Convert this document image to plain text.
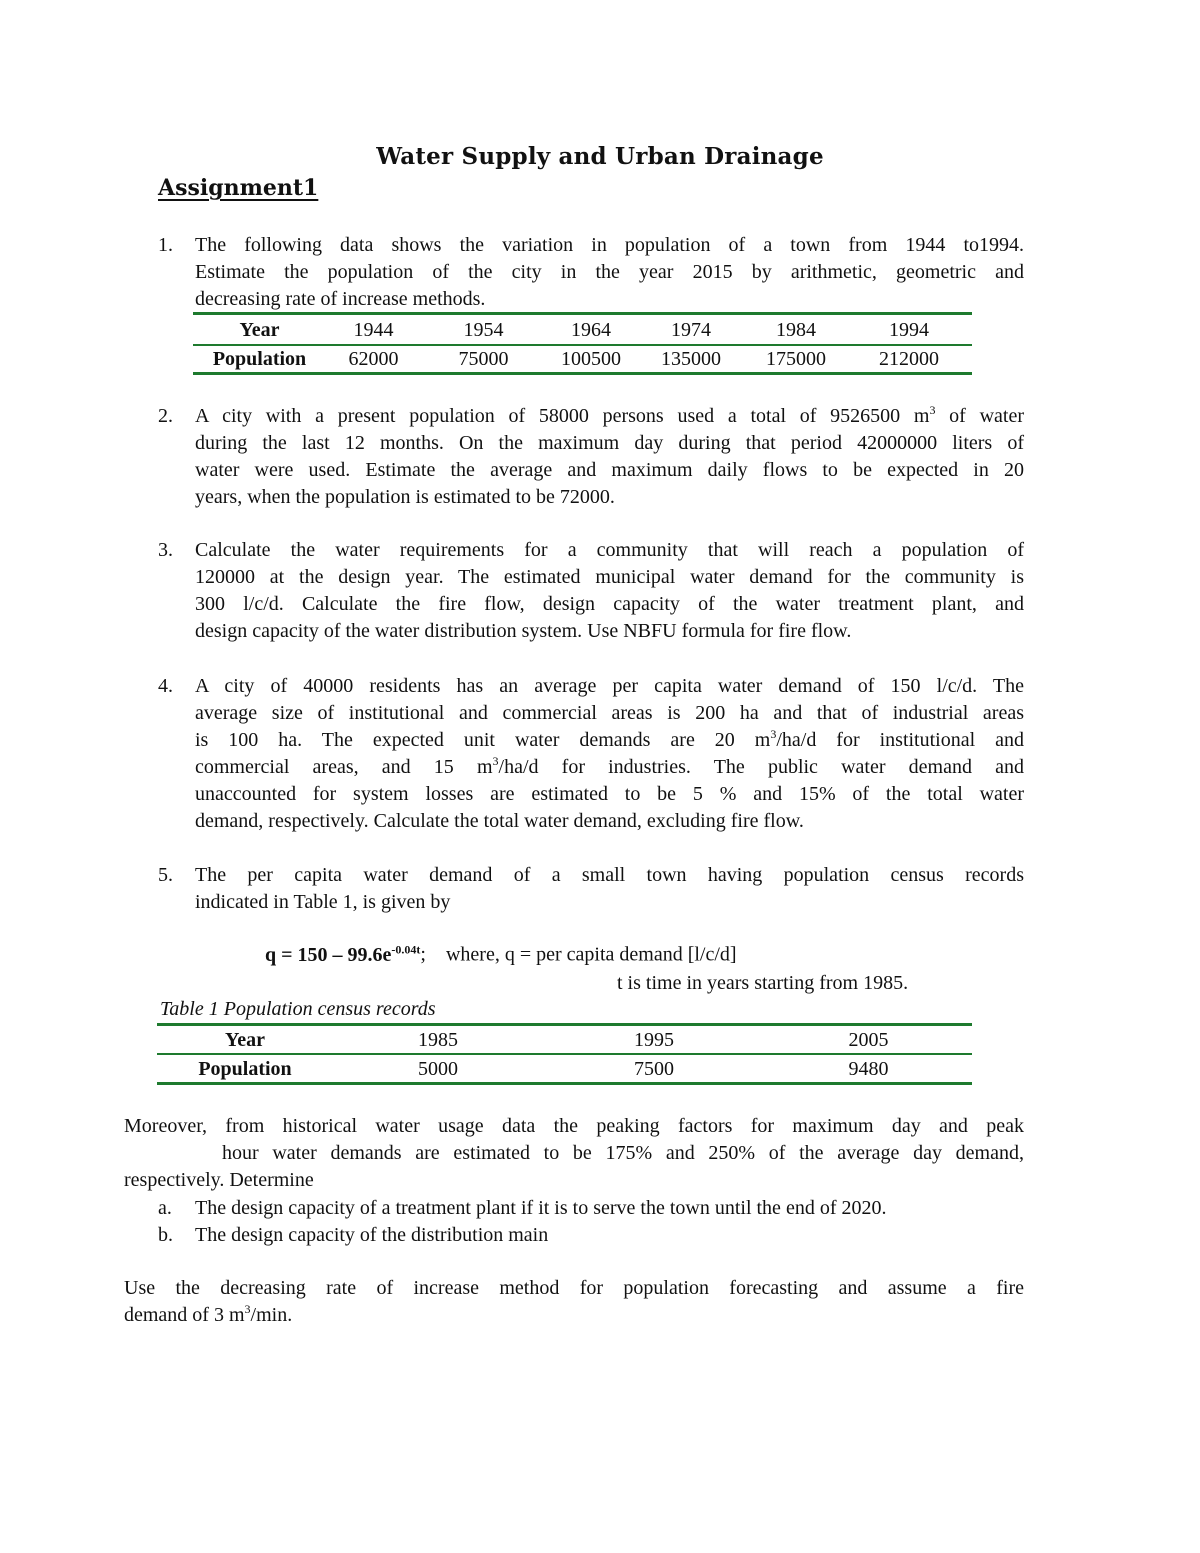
Water Supply and Urban Drainage
Assignment1
1.	The following data shows the variation in population of a town from 1944 to1994.
Estimate the population of the city in the year 2015 by arithmetic, geometric and
decreasing rate of increase methods.
Year	1944	1954	1964	1974	1984	1994
Population	62000	75000	100500	135000	175000	212000
2.	A city with a present population of 58000 persons used a total of 9526500 $m^3$ of water
during the last 12 months. On the maximum day during that period 42000000 liters of
water were used. Estimate the average and maximum daily flows to be expected in 20
years, when the population is estimated to be 72000.
3.	Calculate the water requirements for a community that will reach a population of
120000 at the design year. The estimated municipal water demand for the community is
300 l/c/d. Calculate the fire flow, design capacity of the water treatment plant, and
design capacity of the water distribution system. Use NBFU formula for fire flow.
4.	A city of 40000 residents has an average per capita water demand of 150 l/c/d. The
average size of institutional and commercial areas is 200 ha and that of industrial areas
is 100 ha. The expected unit water demands are 20 $m^3/ha/d$ for institutional and
commercial areas, and 15 $m^3/ha/d$ for industries. The public water demand and
unaccounted for system losses are estimated to be 5 % and 15% of the total water
demand, respectively. Calculate the total water demand, excluding fire flow.
5.	The per capita water demand of a small town having population census records
indicated in Table 1, is given by
$q = 150 - 99.6e^{-0.04t}$; where, q = per capita demand [l/c/d]
t is time in years starting from 1985.
Table 1 Population census records
Year	1985	1995	2005
Population	5000	7500	9480
Moreover, from historical water usage data the peaking factors for maximum day and peak
hour water demands are estimated to be 175% and 250% of the average day demand,
respectively. Determine
a. The design capacity of a treatment plant if it is to serve the town until the end of 2020.
b. The design capacity of the distribution main
Use the decreasing rate of increase method for population forecasting and assume a fire
demand of 3 $m^3/\min$.
